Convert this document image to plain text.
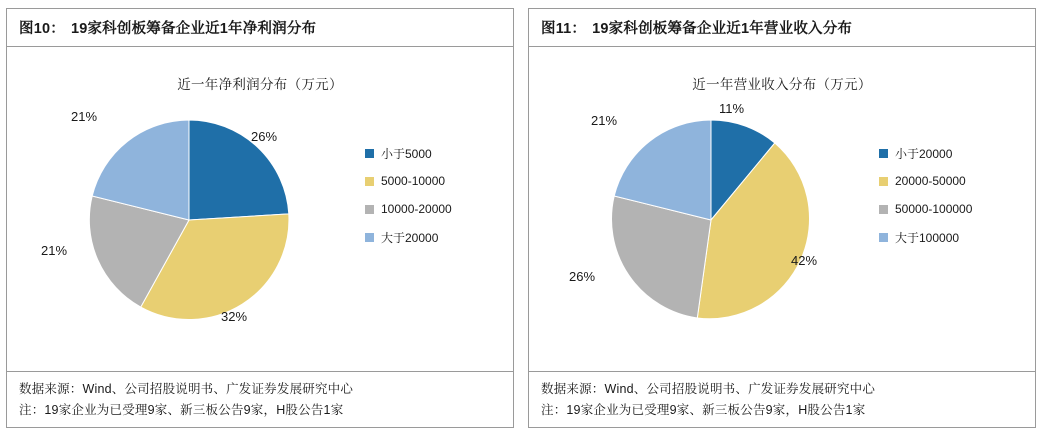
图10： 19家科创板筹备企业近1年净利润分布
近一年净利润分布（万元）
26%
32%
21%
21%
小于5000
5000-10000
10000-20000
大于20000
数据来源：Wind、公司招股说明书、广发证券发展研究中心
注：19家企业为已受理9家、新三板公告9家，H股公告1家
图11： 19家科创板筹备企业近1年营业收入分布
近一年营业收入分布（万元）
11%
42%
26%
21%
小于20000
20000-50000
50000-100000
大于100000
数据来源：Wind、公司招股说明书、广发证券发展研究中心
注：19家企业为已受理9家、新三板公告9家，H股公告1家
